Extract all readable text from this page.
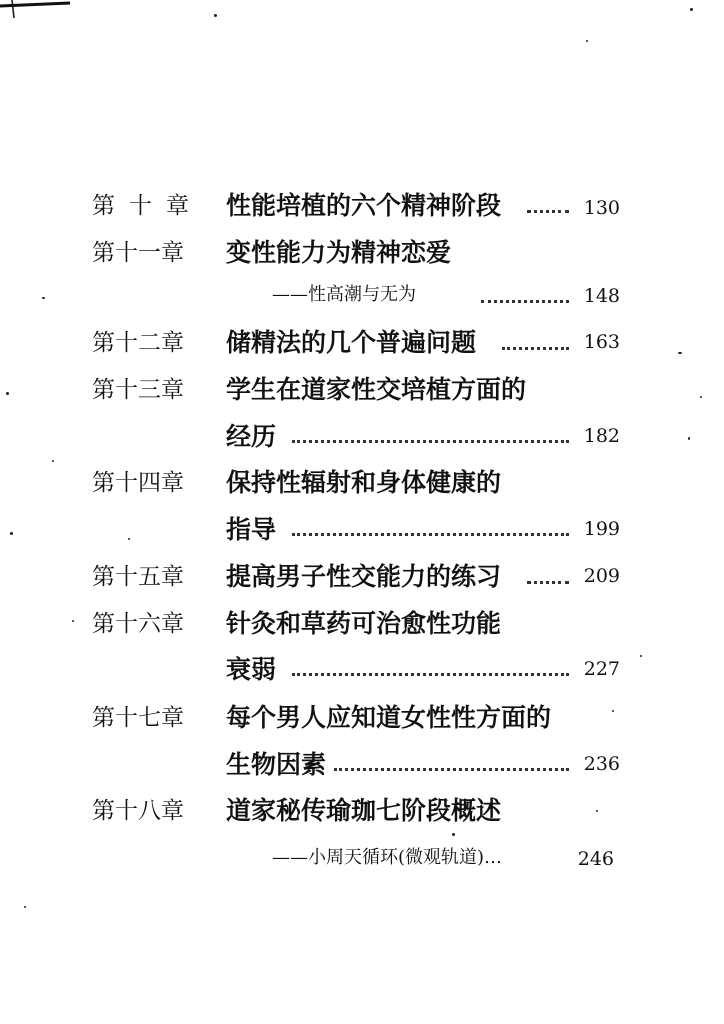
第十章 性能培植的六个精神阶段	130
第十一章 变性能力为精神恋爱
——性高潮与无为	148
第十二章 储精法的几个普遍问题	163
第十三章 学生在道家性交培植方面的
经历	182
第十四章 保持性辐射和身体健康的
指导	199
第十五章 提高男子性交能力的练习	209
第十六章 针灸和草药可治愈性功能
衰弱	227
第十七章 每个男人应知道女性性方面的
生物因素	236
第十八章 道家秘传瑜珈七阶段概述
——小周天循环(微观轨道)…	246
